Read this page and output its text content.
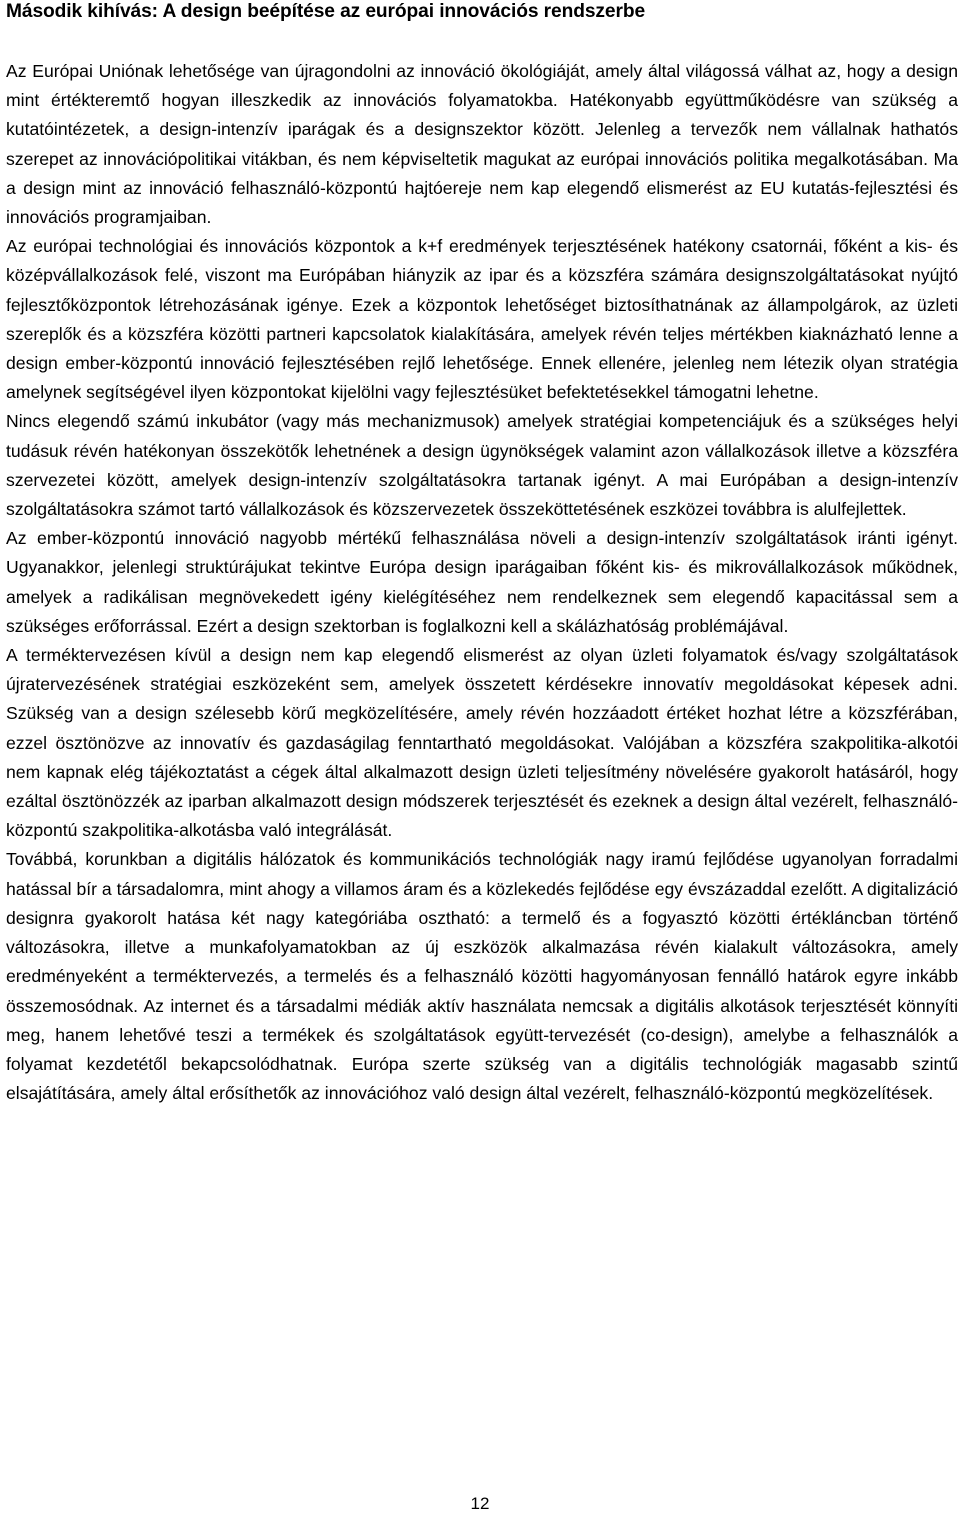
Második kihívás: A design beépítése az európai innovációs rendszerbe

Az Európai Uniónak lehetősége van újragondolni az innováció ökológiáját, amely által világossá válhat az, hogy a design mint értékteremtő hogyan illeszkedik az innovációs folyamatokba. Hatékonyabb együttműködésre van szükség a kutatóintézetek, a design-intenzív iparágak és a designszektor között. Jelenleg a tervezők nem vállalnak hathatós szerepet az innovációpolitikai vitákban, és nem képviseltetik magukat az európai innovációs politika megalkotásában. Ma a design mint az innováció felhasználó-központú hajtóereje nem kap elegendő elismerést az EU kutatás-fejlesztési és innovációs programjaiban.

Az európai technológiai és innovációs központok a k+f eredmények terjesztésének hatékony csatornái, főként a kis- és középvállalkozások felé, viszont ma Európában hiányzik az ipar és a közszféra számára designszolgáltatásokat nyújtó fejlesztőközpontok létrehozásának igénye. Ezek a központok lehetőséget biztosíthatnának az állampolgárok, az üzleti szereplők és a közszféra közötti partneri kapcsolatok kialakítására, amelyek révén teljes mértékben kiaknázható lenne a design ember-központú innováció fejlesztésében rejlő lehetősége. Ennek ellenére, jelenleg nem létezik olyan stratégia amelynek segítségével ilyen központokat kijelölni vagy fejlesztésüket befektetésekkel támogatni lehetne.

Nincs elegendő számú inkubátor (vagy más mechanizmusok) amelyek stratégiai kompetenciájuk és a szükséges helyi tudásuk révén hatékonyan összekötők lehetnének a design ügynökségek valamint azon vállalkozások illetve a közszféra szervezetei között, amelyek design-intenzív szolgáltatásokra tartanak igényt. A mai Európában a design-intenzív szolgáltatásokra számot tartó vállalkozások és közszervezetek összeköttetésének eszközei továbbra is alulfejlettek.

Az ember-központú innováció nagyobb mértékű felhasználása növeli a design-intenzív szolgáltatások iránti igényt. Ugyanakkor, jelenlegi struktúrájukat tekintve Európa design iparágaiban főként kis- és mikrovállalkozások működnek, amelyek a radikálisan megnövekedett igény kielégítéséhez nem rendelkeznek sem elegendő kapacitással sem a szükséges erőforrással. Ezért a design szektorban is foglalkozni kell a skálázhatóság problémájával.

A terméktervezésen kívül a design nem kap elegendő elismerést az olyan üzleti folyamatok és/vagy szolgáltatások újratervezésének stratégiai eszközeként sem, amelyek összetett kérdésekre innovatív megoldásokat képesek adni. Szükség van a design szélesebb körű megközelítésére, amely révén hozzáadott értéket hozhat létre a közszférában, ezzel ösztönözve az innovatív és gazdaságilag fenntartható megoldásokat. Valójában a közszféra szakpolitika-alkotói nem kapnak elég tájékoztatást a cégek által alkalmazott design üzleti teljesítmény növelésére gyakorolt hatásáról, hogy ezáltal ösztönözzék az iparban alkalmazott design módszerek terjesztését és ezeknek a design által vezérelt, felhasználó-központú szakpolitika-alkotásba való integrálását.

Továbbá, korunkban a digitális hálózatok és kommunikációs technológiák nagy iramú fejlődése ugyanolyan forradalmi hatással bír a társadalomra, mint ahogy a villamos áram és a közlekedés fejlődése egy évszázaddal ezelőtt. A digitalizáció designra gyakorolt hatása két nagy kategóriába osztható: a termelő és a fogyasztó közötti értékláncban történő változásokra, illetve a munkafolyamatokban az új eszközök alkalmazása révén kialakult változásokra, amely eredményeként a terméktervezés, a termelés és a felhasználó közötti hagyományosan fennálló határok egyre inkább összemosódnak. Az internet és a társadalmi médiák aktív használata nemcsak a digitális alkotások terjesztését könnyíti meg, hanem lehetővé teszi a termékek és szolgáltatások együtt-tervezését (co-design), amelybe a felhasználók a folyamat kezdetétől bekapcsolódhatnak. Európa szerte szükség van a digitális technológiák magasabb szintű elsajátítására, amely által erősíthetők az innovációhoz való design által vezérelt, felhasználó-központú megközelítések.

12
